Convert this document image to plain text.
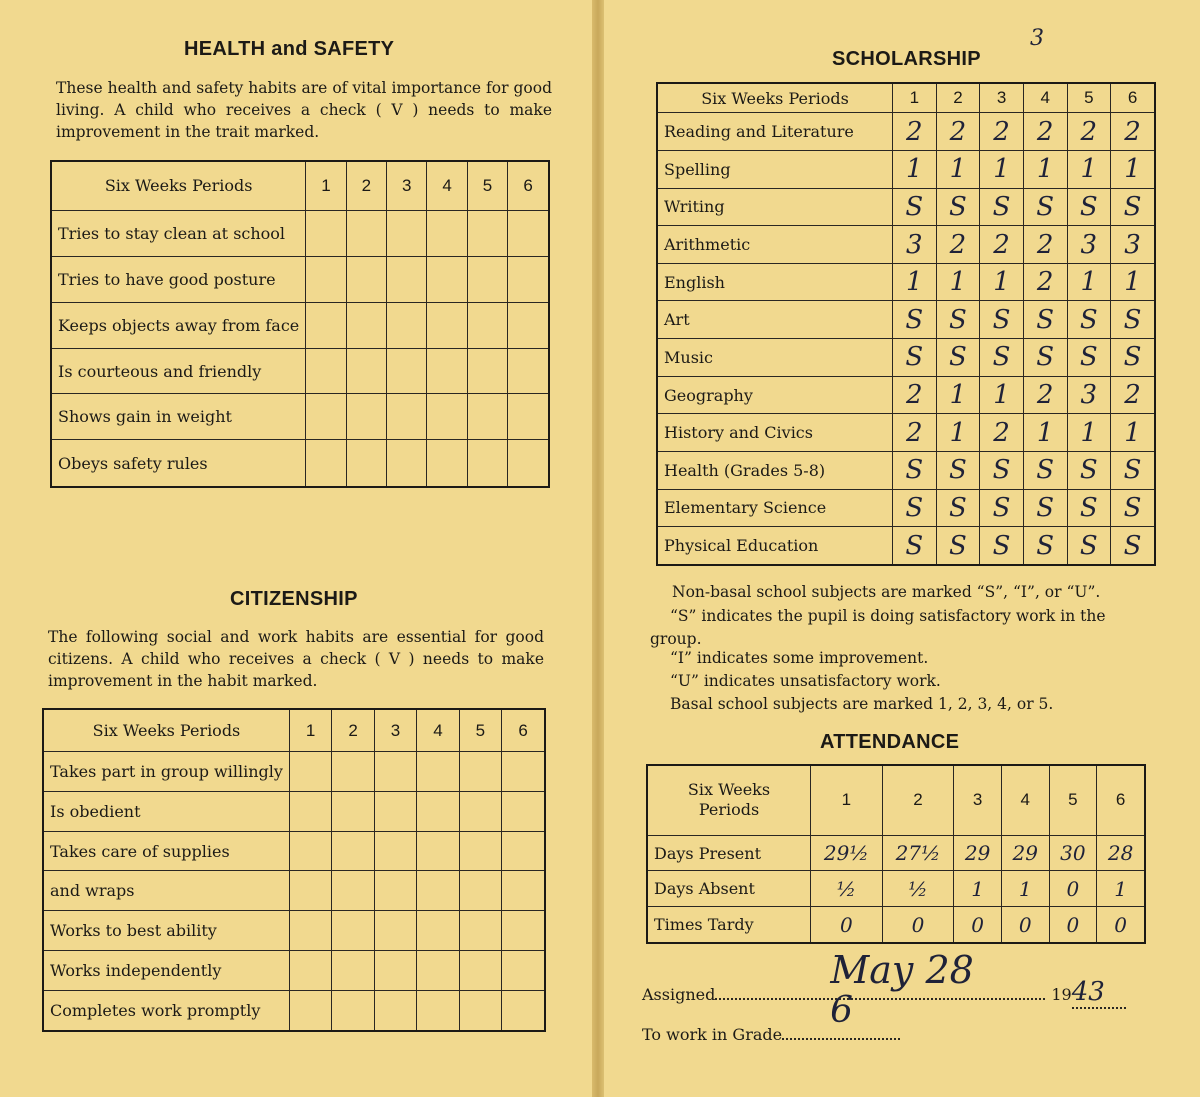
3
HEALTH and SAFETY
These health and safety habits are of vital importance for good living. A child who receives a check ( V ) needs to make improvement in the trait marked.
Six Weeks Periods	1	2	3	4	5	6
Tries to stay clean at school						
Tries to have good posture						
Keeps objects away from face						
Is courteous and friendly						
Shows gain in weight						
Obeys safety rules						
CITIZENSHIP
The following social and work habits are essential for good citizens. A child who receives a check ( V ) needs to make improvement in the habit marked.
Six Weeks Periods	1	2	3	4	5	6
Takes part in group willingly						
Is obedient						
Takes care of supplies						
and wraps						
Works to best ability						
Works independently						
Completes work promptly						
SCHOLARSHIP
Six Weeks Periods	1	2	3	4	5	6
Reading and Literature	2	2	2	2	2	2
Spelling	1	1	1	1	1	1
Writing	S	S	S	S	S	S
Arithmetic	3	2	2	2	3	3
English	1	1	1	2	1	1
Art	S	S	S	S	S	S
Music	S	S	S	S	S	S
Geography	2	1	1	2	3	2
History and Civics	2	1	2	1	1	1
Health (Grades 5-8)	S	S	S	S	S	S
Elementary Science	S	S	S	S	S	S
Physical Education	S	S	S	S	S	S
Non-basal school subjects are marked “S”, “I”, or “U”.
“S” indicates the pupil is doing satisfactory work in the group.
“I” indicates some improvement.
“U” indicates unsatisfactory work.
Basal school subjects are marked 1, 2, 3, 4, or 5.
ATTENDANCE
Six Weeks
Periods	1	2	3	4	5	6
Days Present	29½	27½	29	29	30	28
Days Absent	½	½	1	1	0	1
Times Tardy	0	0	0	0	0	0
Assigned
May 28
1943
To work in Grade
6
